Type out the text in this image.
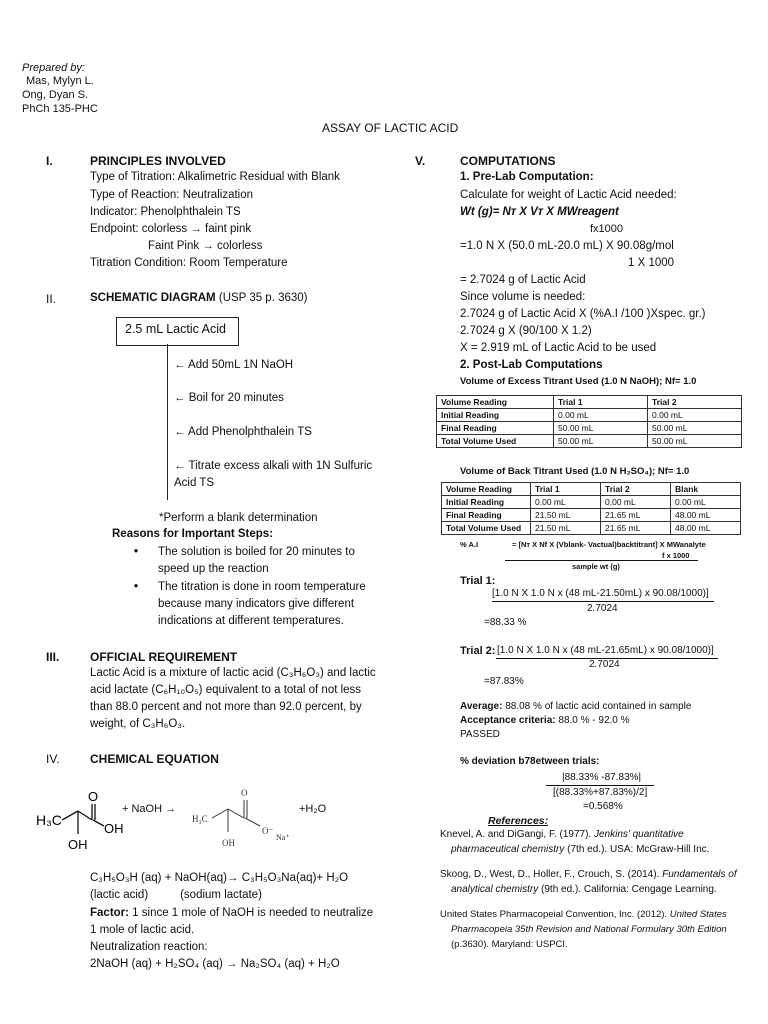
Prepared by:
Mas, Mylyn L.
Ong, Dyan S.
PhCh 135-PHC
ASSAY OF LACTIC ACID
I.	PRINCIPLES INVOLVED
Type of Titration: Alkalimetric Residual with Blank
Type of Reaction: Neutralization
Indicator: Phenolphthalein TS
Endpoint: colorless → faint pink
Faint Pink → colorless
Titration Condition: Room Temperature
II.	SCHEMATIC DIAGRAM (USP 35 p. 3630)
2.5 mL Lactic Acid
← Add 50mL 1N NaOH
← Boil for 20 minutes
← Add Phenolphthalein TS
← Titrate excess alkali with 1N Sulfuric
Acid TS
*Perform a blank determination
Reasons for Important Steps:
• The solution is boiled for 20 minutes to
speed up the reaction
• The titration is done in room temperature
because many indicators give different
indications at different temperatures.
III.	OFFICIAL REQUIREMENT
Lactic Acid is a mixture of lactic acid (C₃H₆O₃) and lactic
acid lactate (C₆H₁₀O₅) equivalent to a total of not less
than 88.0 percent and not more than 92.0 percent, by
weight, of C₃H₆O₃.
IV.	CHEMICAL EQUATION
H₃C
O
OH
OH
+ NaOH →
H₃C
O
O⁻
Na⁺
OH
+H₂O
C₃H₅O₃H (aq) + NaOH(aq)→ C₃H₅O₃Na(aq)+ H₂O
(lactic acid)          (sodium lactate)
Factor: 1 since 1 mole of NaOH is needed to neutralize
1 mole of lactic acid.
Neutralization reaction:
2NaOH (aq) + H₂SO₄ (aq) → Na₂SO₄ (aq) + H₂O
V.	COMPUTATIONS
1. Pre-Lab Computation:
Calculate for weight of Lactic Acid needed:
Wt (g)= Nᴛ X Vᴛ X MWreagent
fx1000
=1.0 N X (50.0 mL-20.0 mL) X 90.08g/mol
1 X 1000
= 2.7024 g of Lactic Acid
Since volume is needed:
2.7024 g of Lactic Acid X (%A.I /100 )Xspec. gr.)
2.7024 g X (90/100 X 1.2)
X = 2.919 mL of Lactic Acid to be used
2. Post-Lab Computations
Volume of Excess Titrant Used (1.0 N NaOH); Nf= 1.0
Volume Reading	Trial 1	Trial 2
Initial Reading	0.00 mL	0.00 mL
Final Reading	50.00 mL	50.00 mL
Total Volume Used	50.00 mL	50.00 mL
Volume of Back Titrant Used (1.0 N H₂SO₄); Nf= 1.0
Volume Reading	Trial 1	Trial 2	Blank
Initial Reading	0.00 mL	0.00 mL	0.00 mL
Final Reading	21.50 mL	21.65 mL	48.00 mL
Total Volume Used	21.50 mL	21.65 mL	48.00 mL
% A.I	= [Nᴛ X Nf X (Vblank- Vactual)backtitrant] X MWanalyte
f x 1000
sample wt (g)
Trial 1:
[1.0 N X 1.0 N x (48 mL-21.50mL) x 90.08/1000)]
2.7024
=88.33 %
Trial 2: [1.0 N X 1.0 N x (48 mL-21.65mL) x 90.08/1000)]
2.7024
=87.83%
Average: 88.08 % of lactic acid contained in sample
Acceptance criteria: 88.0 % - 92.0 %
PASSED
% deviation b78etween trials:
|88.33% -87.83%|
[(88.33%+87.83%)/2]
=0.568%
References:
Knevel, A. and DiGangi, F. (1977). Jenkins' quantitative
pharmaceutical chemistry (7th ed.). USA: McGraw-Hill Inc.
Skoog, D., West, D., Holler, F., Crouch, S. (2014). Fundamentals of
analytical chemistry (9th ed.). California: Cengage Learning.
United States Pharmacopeial Convention, Inc. (2012). United States
Pharmacopeia 35th Revision and National Formulary 30th Edition
(p.3630). Maryland: USPCI.
